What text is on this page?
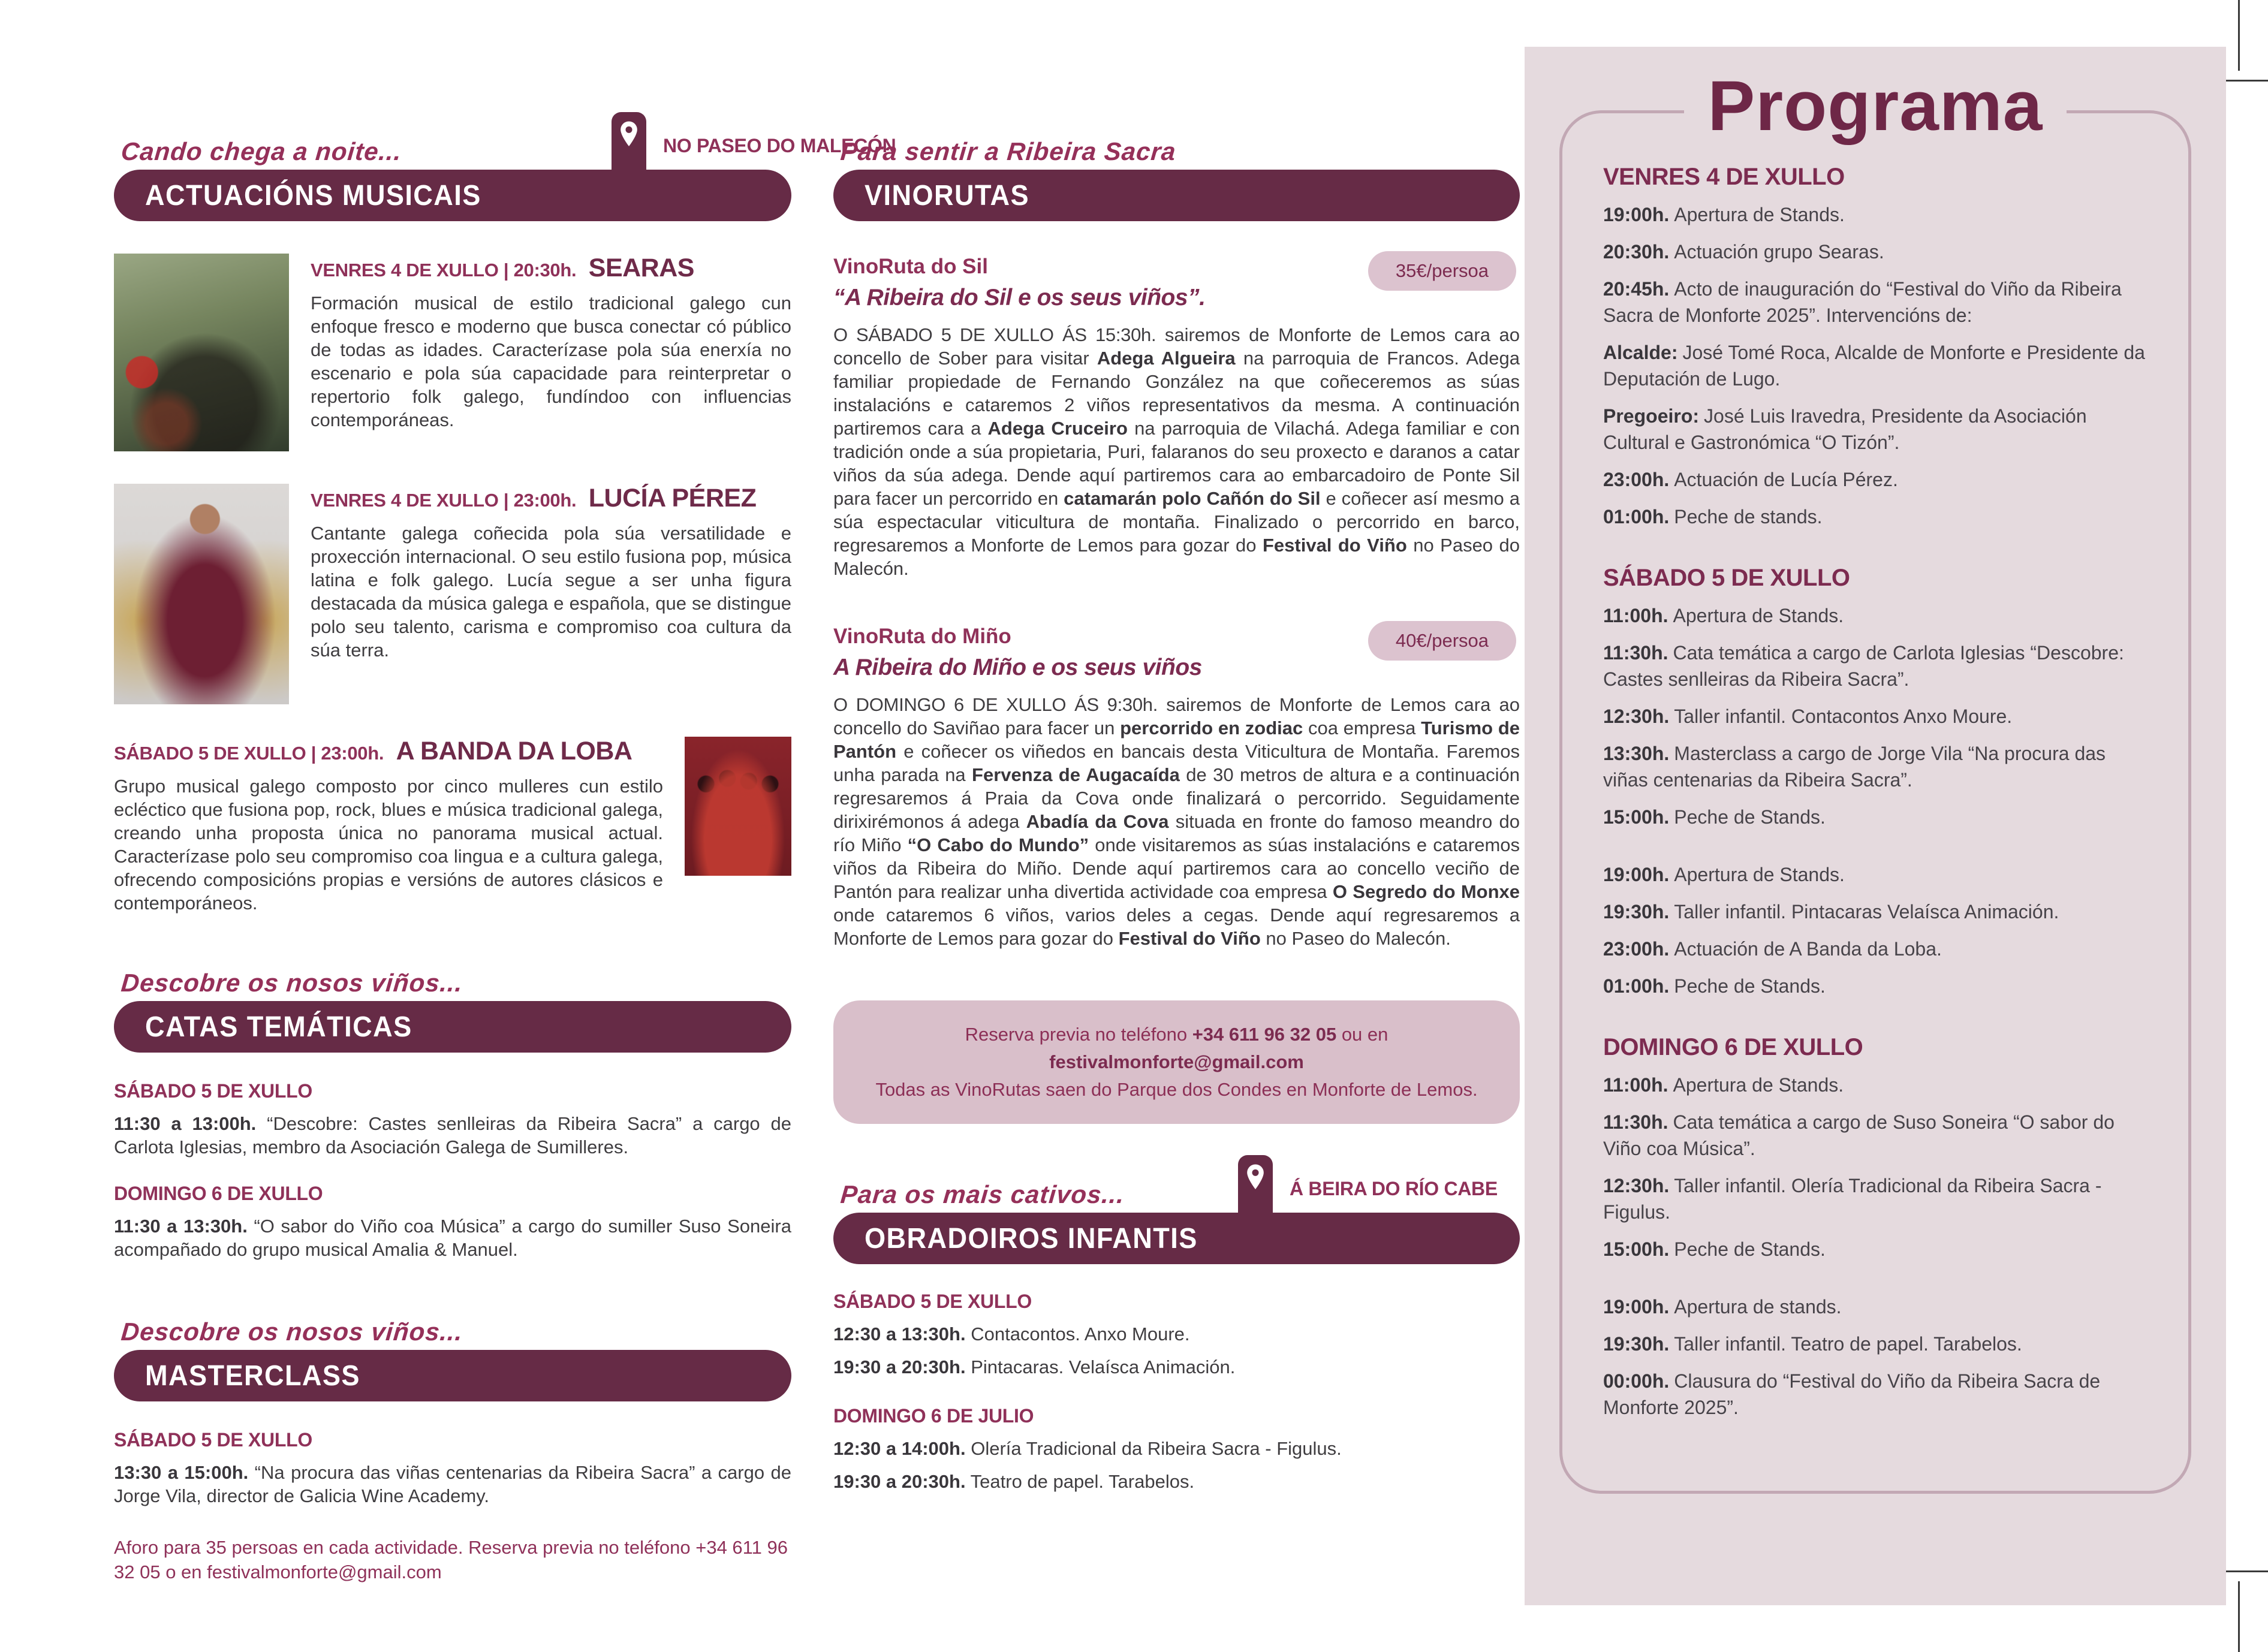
Cando chega a noite...	NO PASEO DO MALECÓN
ACTUACIÓNS MUSICAIS
VENRES 4 DE XULLO | 20:30h. SEARAS
Formación musical de estilo tradicional galego cun enfoque fresco e moderno que busca conectar có público de todas as idades. Caracterízase pola súa enerxía no escenario e pola súa capacidade para reinterpretar o repertorio folk galego, fundíndoo con influencias contemporáneas.
VENRES 4 DE XULLO | 23:00h. LUCÍA PÉREZ
Cantante galega coñecida pola súa versatilidade e proxección internacional. O seu estilo fusiona pop, música latina e folk galego. Lucía segue a ser unha figura destacada da música galega e española, que se distingue polo seu talento, carisma e compromiso coa cultura da súa terra.
SÁBADO 5 DE XULLO | 23:00h. A BANDA DA LOBA
Grupo musical galego composto por cinco mulleres cun estilo ecléctico que fusiona pop, rock, blues e música tradicional galega, creando unha proposta única no panorama musical actual. Caracterízase polo seu compromiso coa lingua e a cultura galega, ofrecendo composicións propias e versións de autores clásicos e contemporáneos.
Descobre os nosos viños...
CATAS TEMÁTICAS
SÁBADO 5 DE XULLO
11:30 a 13:00h. “Descobre: Castes senlleiras da Ribeira Sacra” a cargo de Carlota Iglesias, membro da Asociación Galega de Sumilleres.
DOMINGO 6 DE XULLO
11:30 a 13:30h. “O sabor do Viño coa Música” a cargo do sumiller Suso Soneira acompañado do grupo musical Amalia & Manuel.
Descobre os nosos viños...
MASTERCLASS
SÁBADO 5 DE XULLO
13:30 a 15:00h. “Na procura das viñas centenarias da Ribeira Sacra” a cargo de Jorge Vila, director de Galicia Wine Academy.
Aforo para 35 persoas en cada actividade. Reserva previa no teléfono +34 611 96 32 05 o en festivalmonforte@gmail.com
Para sentir a Ribeira Sacra
VINORUTAS
VinoRuta do Sil	35€/persoa
“A Ribeira do Sil e os seus viños”.
O SÁBADO 5 DE XULLO ÁS 15:30h. sairemos de Monforte de Lemos cara ao concello de Sober para visitar Adega Algueira na parroquia de Francos. Adega familiar propiedade de Fernando González na que coñeceremos as súas instalacións e cataremos 2 viños representativos da mesma. A continuación partiremos cara a Adega Cruceiro na parroquia de Vilachá. Adega familiar e con tradición onde a súa propietaria, Puri, falaranos do seu proxecto e daranos a catar viños da súa adega. Dende aquí partiremos cara ao embarcadoiro de Ponte Sil para facer un percorrido en catamarán polo Cañón do Sil e coñecer así mesmo a súa espectacular viticultura de montaña. Finalizado o percorrido en barco, regresaremos a Monforte de Lemos para gozar do Festival do Viño no Paseo do Malecón.
VinoRuta do Miño	40€/persoa
A Ribeira do Miño e os seus viños
O DOMINGO 6 DE XULLO ÁS 9:30h. sairemos de Monforte de Lemos cara ao concello do Saviñao para facer un percorrido en zodiac coa empresa Turismo de Pantón e coñecer os viñedos en bancais desta Viticultura de Montaña. Faremos unha parada na Fervenza de Augacaída de 30 metros de altura e a continuación regresaremos á Praia da Cova onde finalizará o percorrido. Seguidamente dirixirémonos á adega Abadía da Cova situada en fronte do famoso meandro do río Miño “O Cabo do Mundo” onde visitaremos as súas instalacións e cataremos viños da Ribeira do Miño. Dende aquí partiremos cara ao concello veciño de Pantón para realizar unha divertida actividade coa empresa O Segredo do Monxe onde cataremos 6 viños, varios deles a cegas. Dende aquí regresaremos a Monforte de Lemos para gozar do Festival do Viño no Paseo do Malecón.
Reserva previa no teléfono +34 611 96 32 05 ou en
festivalmonforte@gmail.com
Todas as VinoRutas saen do Parque dos Condes en Monforte de Lemos.
Para os mais cativos...	Á BEIRA DO RÍO CABE
OBRADOIROS INFANTIS
SÁBADO 5 DE XULLO
12:30 a 13:30h. Contacontos. Anxo Moure.
19:30 a 20:30h. Pintacaras. Velaísca Animación.
DOMINGO 6 DE JULIO
12:30 a 14:00h. Olería Tradicional da Ribeira Sacra - Figulus.
19:30 a 20:30h. Teatro de papel. Tarabelos.
Programa
VENRES 4 DE XULLO
19:00h. Apertura de Stands.
20:30h. Actuación grupo Searas.
20:45h. Acto de inauguración do “Festival do Viño da Ribeira Sacra de Monforte 2025”. Intervencións de:
Alcalde: José Tomé Roca, Alcalde de Monforte e Presidente da Deputación de Lugo.
Pregoeiro: José Luis Iravedra, Presidente da Asociación Cultural e Gastronómica “O Tizón”.
23:00h. Actuación de Lucía Pérez.
01:00h. Peche de stands.
SÁBADO 5 DE XULLO
11:00h. Apertura de Stands.
11:30h. Cata temática a cargo de Carlota Iglesias “Descobre: Castes senlleiras da Ribeira Sacra”.
12:30h. Taller infantil. Contacontos Anxo Moure.
13:30h. Masterclass a cargo de Jorge Vila “Na procura das viñas centenarias da Ribeira Sacra”.
15:00h. Peche de Stands.
19:00h. Apertura de Stands.
19:30h. Taller infantil. Pintacaras Velaísca Animación.
23:00h. Actuación de A Banda da Loba.
01:00h. Peche de Stands.
DOMINGO 6 DE XULLO
11:00h. Apertura de Stands.
11:30h. Cata temática a cargo de Suso Soneira “O sabor do Viño coa Música”.
12:30h. Taller infantil. Olería Tradicional da Ribeira Sacra - Figulus.
15:00h. Peche de Stands.
19:00h. Apertura de stands.
19:30h. Taller infantil. Teatro de papel. Tarabelos.
00:00h. Clausura do “Festival do Viño da Ribeira Sacra de Monforte 2025”.
